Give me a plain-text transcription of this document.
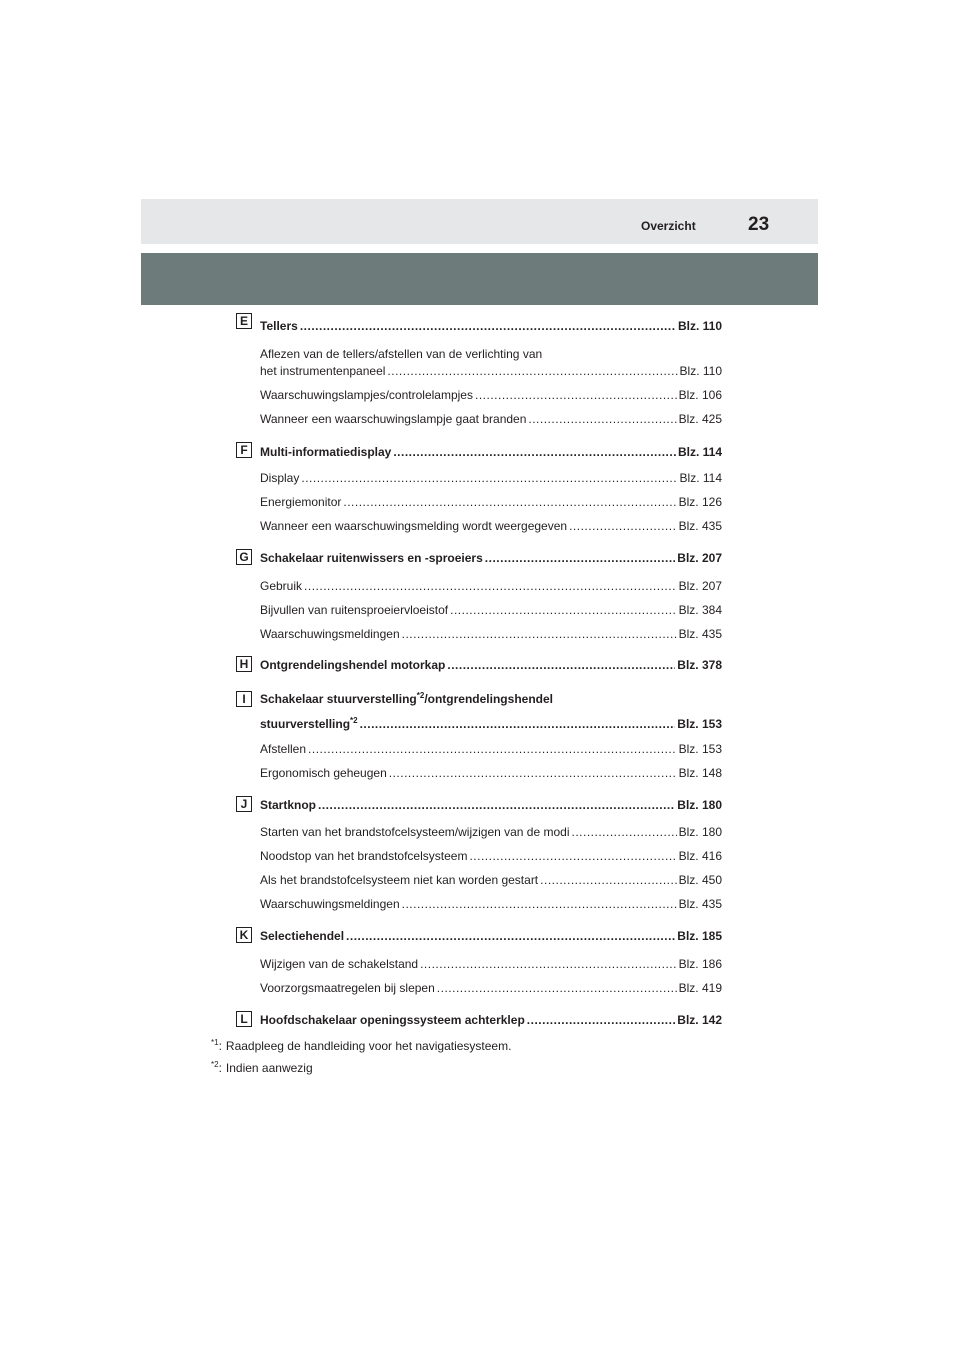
Overzicht	23
E	Tellers .....	Blz. 110
Aflezen van de tellers/afstellen van de verlichting van
het instrumentenpaneel .....	Blz. 110
Waarschuwingslampjes/controlelampjes .....	Blz. 106
Wanneer een waarschuwingslampje gaat branden .....	Blz. 425
F	Multi-informatiedisplay .....	Blz. 114
Display .....	Blz. 114
Energiemonitor .....	Blz. 126
Wanneer een waarschuwingsmelding wordt weergegeven .....	Blz. 435
G Schakelaar ruitenwissers en -sproeiers .....	Blz. 207
Gebruik .....	Blz. 207
Bijvullen van ruitensproeiervloeistof .....	Blz. 384
Waarschuwingsmeldingen .....	Blz. 435
H Ontgrendelingshendel motorkap .....	Blz. 378
I	Schakelaar stuurverstelling$^{*2}$/ontgrendelingshendel
stuurverstelling$^{*2}$ .....	Blz. 153
Afstellen .....	Blz. 153
Ergonomisch geheugen .....	Blz. 148
J	Startknop .....	Blz. 180
Starten van het brandstofcelsysteem/wijzigen van de modi .....	Blz. 180
Noodstop van het brandstofcelsysteem .....	Blz. 416
Als het brandstofcelsysteem niet kan worden gestart .....	Blz. 450
Waarschuwingsmeldingen .....	Blz. 435
K Selectiehendel .....	Blz. 185
Wijzigen van de schakelstand .....	Blz. 186
Voorzorgsmaatregelen bij slepen .....	Blz. 419
L	Hoofdschakelaar openingssysteem achterklep .....	Blz. 142
$^{*1}$: Raadpleeg de handleiding voor het navigatiesysteem.
$^{*2}$: Indien aanwezig
